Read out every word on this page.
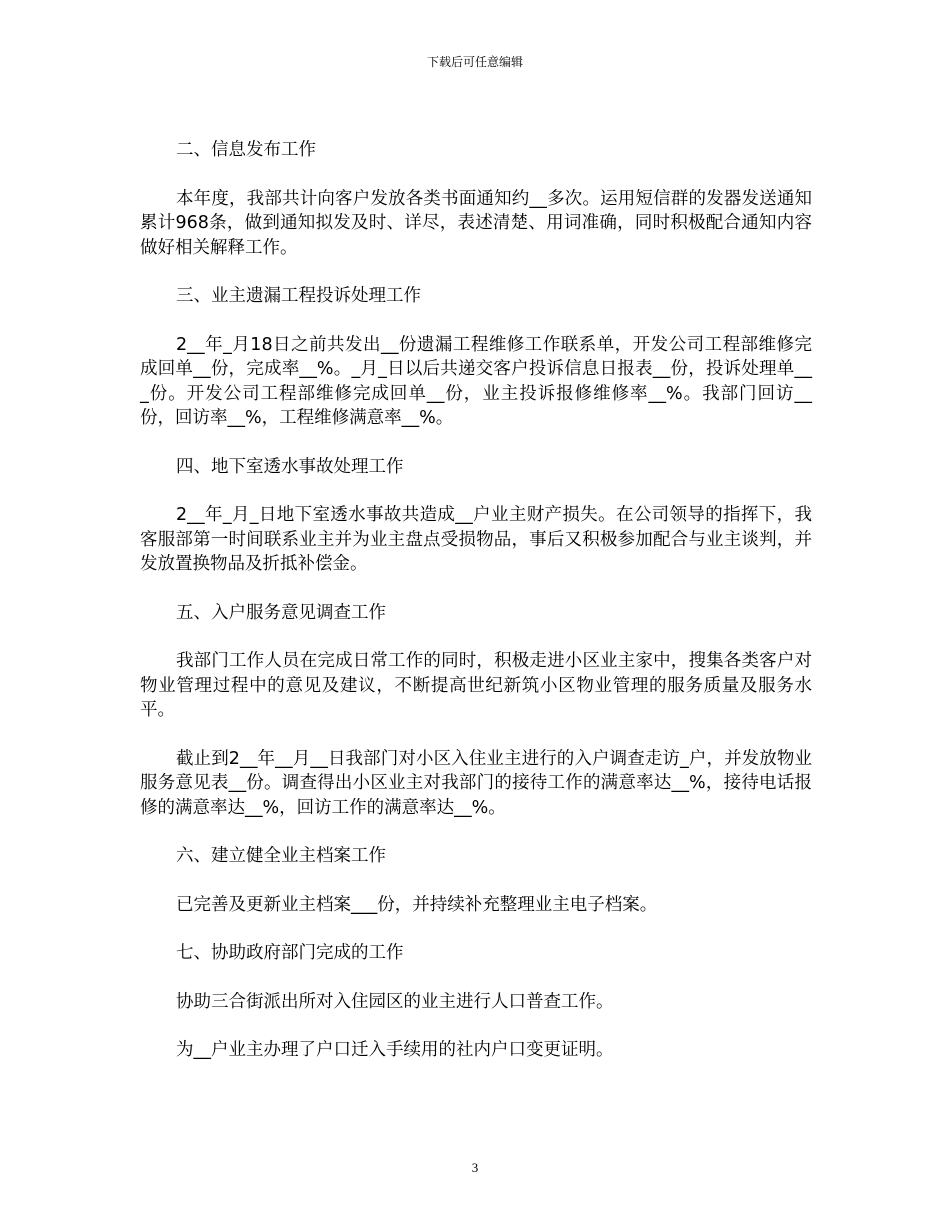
下载后可任意编辑

二、信息发布工作

本年度，我部共计向客户发放各类书面通知约__多次。运用短信群的发器发送通知累计968条，做到通知拟发及时、详尽，表述清楚、用词准确，同时积极配合通知内容做好相关解释工作。

三、业主遗漏工程投诉处理工作

2__年_月18日之前共发出__份遗漏工程维修工作联系单，开发公司工程部维修完成回单__份，完成率__%。_月_日以后共递交客户投诉信息日报表__份，投诉处理单___份。开发公司工程部维修完成回单__份，业主投诉报修维修率__%。我部门回访__份，回访率__%，工程维修满意率__%。

四、地下室透水事故处理工作

2__年_月_日地下室透水事故共造成__户业主财产损失。在公司领导的指挥下，我客服部第一时间联系业主并为业主盘点受损物品，事后又积极参加配合与业主谈判，并发放置换物品及折抵补偿金。

五、入户服务意见调查工作

我部门工作人员在完成日常工作的同时，积极走进小区业主家中，搜集各类客户对物业管理过程中的意见及建议，不断提高世纪新筑小区物业管理的服务质量及服务水平。

截止到2__年__月__日我部门对小区入住业主进行的入户调查走访_户，并发放物业服务意见表__份。调查得出小区业主对我部门的接待工作的满意率达__%，接待电话报修的满意率达__%，回访工作的满意率达__%。

六、建立健全业主档案工作

已完善及更新业主档案___份，并持续补充整理业主电子档案。

七、协助政府部门完成的工作

协助三合街派出所对入住园区的业主进行人口普查工作。

为__户业主办理了户口迁入手续用的社内户口变更证明。

3
